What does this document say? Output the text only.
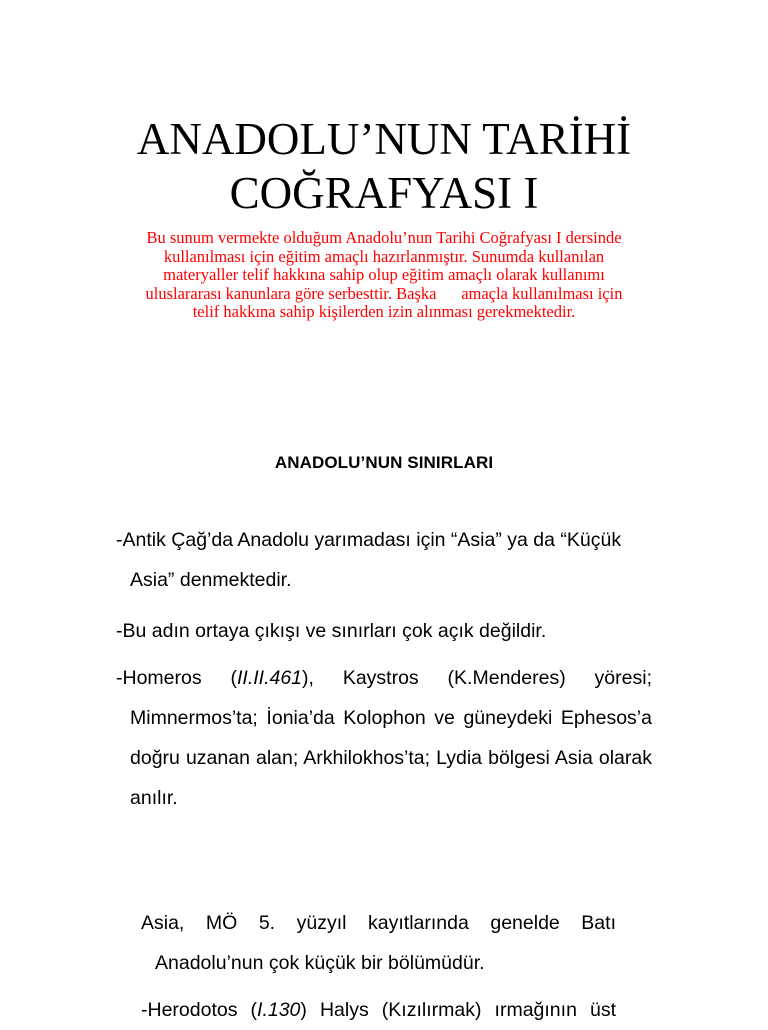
ANADOLU’NUN TARİHİ
COĞRAFYASI I

Bu sunum vermekte olduğum Anadolu’nun Tarihi Coğrafyası I dersinde
kullanılması için eğitim amaçlı hazırlanmıştır. Sunumda kullanılan
materyaller telif hakkına sahip olup eğitim amaçlı olarak kullanımı
uluslararası kanunlara göre serbesttir. Başka      amaçla kullanılması için
telif hakkına sahip kişilerden izin alınması gerekmektedir.

ANADOLU’NUN SINIRLARI

-Antik Çağ’da Anadolu yarımadası için “Asia” ya da “Küçük
Asia” denmektedir.

-Bu adın ortaya çıkışı ve sınırları çok açık değildir.

-Homeros (II.II.461), Kaystros (K.Menderes) yöresi; Mimnermos’ta; İonia’da Kolophon ve güneydeki Ephesos’a doğru uzanan alan; Arkhilokhos’ta; Lydia bölgesi Asia olarak anılır.

Asia, MÖ 5. yüzyıl kayıtlarında genelde Batı Anadolu’nun çok küçük bir bölümüdür.

-Herodotos (I.130) Halys (Kızılırmak) ırmağının üst
